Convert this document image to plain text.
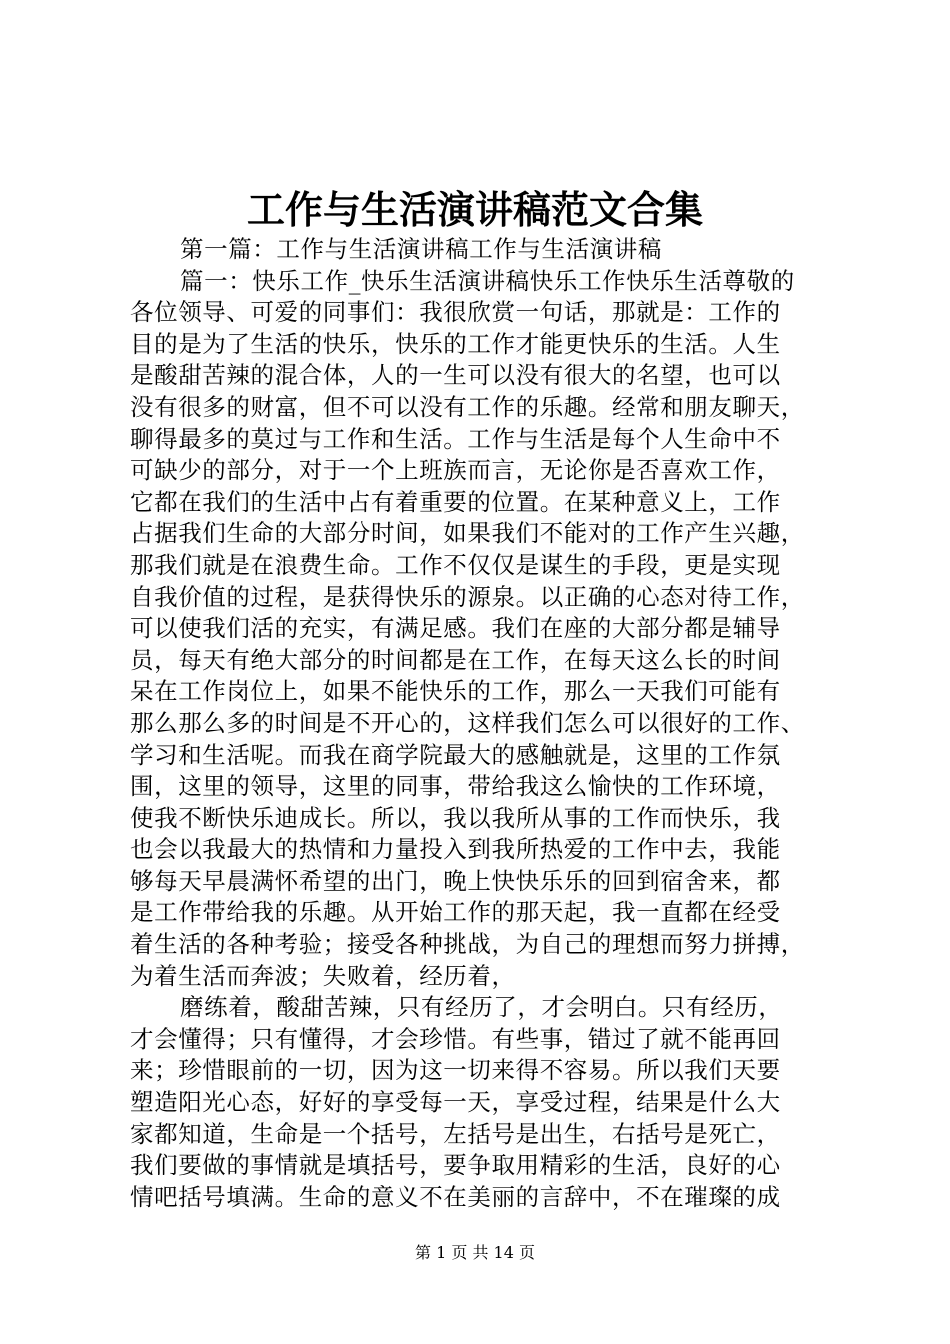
工作与生活演讲稿范文合集
第一篇：工作与生活演讲稿工作与生活演讲稿
篇一：快乐工作_快乐生活演讲稿快乐工作快乐生活尊敬的
各位领导、可爱的同事们：我很欣赏一句话，那就是：工作的
目的是为了生活的快乐，快乐的工作才能更快乐的生活。人生
是酸甜苦辣的混合体，人的一生可以没有很大的名望，也可以
没有很多的财富，但不可以没有工作的乐趣。经常和朋友聊天，
聊得最多的莫过与工作和生活。工作与生活是每个人生命中不
可缺少的部分，对于一个上班族而言，无论你是否喜欢工作，
它都在我们的生活中占有着重要的位置。在某种意义上，工作
占据我们生命的大部分时间，如果我们不能对的工作产生兴趣，
那我们就是在浪费生命。工作不仅仅是谋生的手段，更是实现
自我价值的过程，是获得快乐的源泉。以正确的心态对待工作，
可以使我们活的充实，有满足感。我们在座的大部分都是辅导
员，每天有绝大部分的时间都是在工作，在每天这么长的时间
呆在工作岗位上，如果不能快乐的工作，那么一天我们可能有
那么那么多的时间是不开心的，这样我们怎么可以很好的工作、
学习和生活呢。而我在商学院最大的感触就是，这里的工作氛
围，这里的领导，这里的同事，带给我这么愉快的工作环境，
使我不断快乐迪成长。所以，我以我所从事的工作而快乐，我
也会以我最大的热情和力量投入到我所热爱的工作中去，我能
够每天早晨满怀希望的出门，晚上快快乐乐的回到宿舍来，都
是工作带给我的乐趣。从开始工作的那天起，我一直都在经受
着生活的各种考验；接受各种挑战，为自己的理想而努力拼搏，
为着生活而奔波；失败着，经历着，
磨练着，酸甜苦辣，只有经历了，才会明白。只有经历，
才会懂得；只有懂得，才会珍惜。有些事，错过了就不能再回
来；珍惜眼前的一切，因为这一切来得不容易。所以我们天要
塑造阳光心态，好好的享受每一天，享受过程，结果是什么大
家都知道，生命是一个括号，左括号是出生，右括号是死亡，
我们要做的事情就是填括号，要争取用精彩的生活，良好的心
情吧括号填满。生命的意义不在美丽的言辞中，不在璀璨的成
第 1 页 共 14 页
